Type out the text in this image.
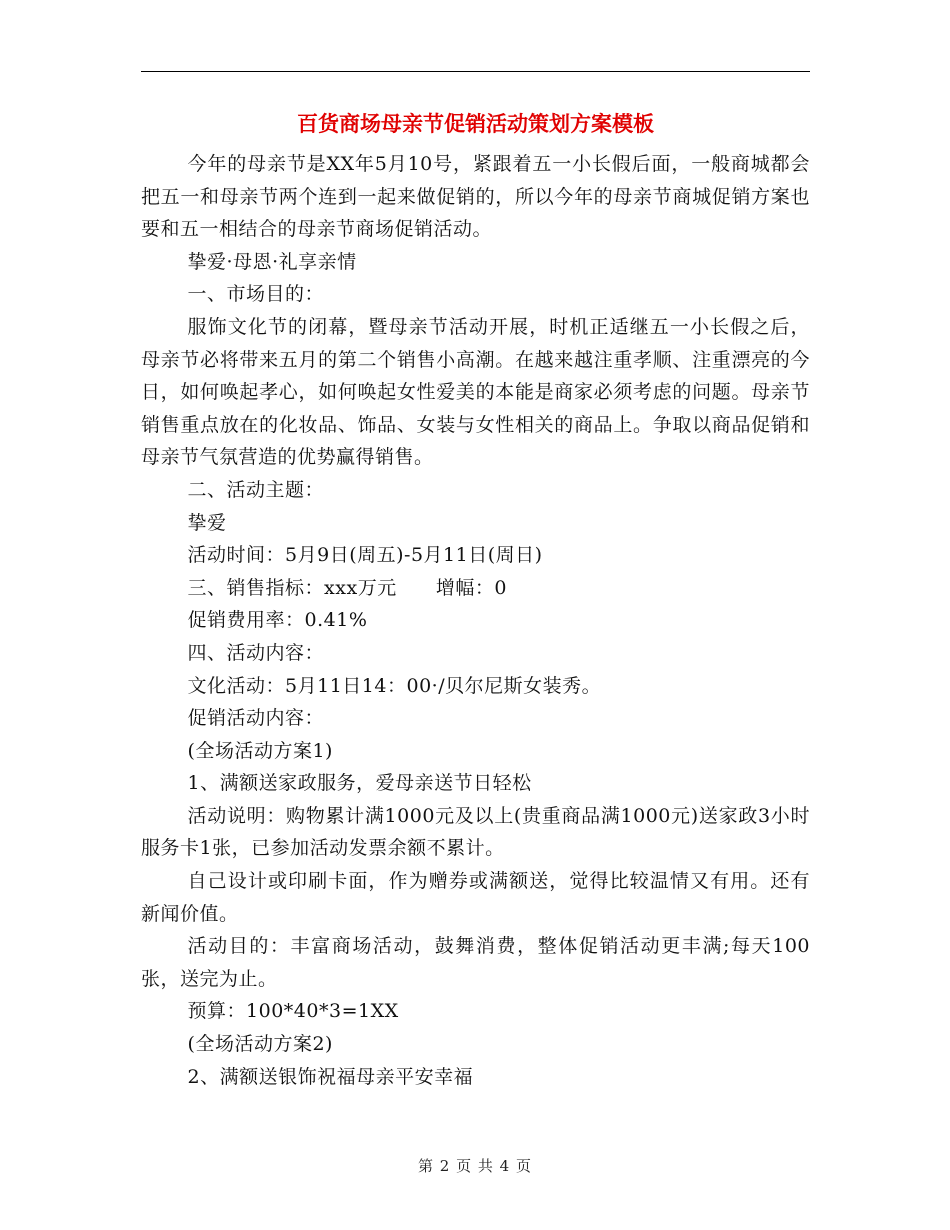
百货商场母亲节促销活动策划方案模板

今年的母亲节是XX年5月10号，紧跟着五一小长假后面，一般商城都会把五一和母亲节两个连到一起来做促销的，所以今年的母亲节商城促销方案也要和五一相结合的母亲节商场促销活动。

挚爱·母恩·礼享亲情

一、市场目的：

服饰文化节的闭幕，暨母亲节活动开展，时机正适继五一小长假之后，母亲节必将带来五月的第二个销售小高潮。在越来越注重孝顺、注重漂亮的今日，如何唤起孝心，如何唤起女性爱美的本能是商家必须考虑的问题。母亲节销售重点放在的化妆品、饰品、女装与女性相关的商品上。争取以商品促销和母亲节气氛营造的优势赢得销售。

二、活动主题：

挚爱

活动时间：5月9日(周五)-5月11日(周日)

三、销售指标：xxx万元      增幅：0

促销费用率：0.41%

四、活动内容：

文化活动：5月11日14：00·/贝尔尼斯女装秀。

促销活动内容：

(全场活动方案1)

1、满额送家政服务，爱母亲送节日轻松

活动说明：购物累计满1000元及以上(贵重商品满1000元)送家政3小时服务卡1张，已参加活动发票余额不累计。

自己设计或印刷卡面，作为赠券或满额送，觉得比较温情又有用。还有新闻价值。

活动目的：丰富商场活动，鼓舞消费，整体促销活动更丰满;每天100张，送完为止。

预算：100*40*3=1XX

(全场活动方案2)

2、满额送银饰祝福母亲平安幸福

第 2 页 共 4 页
